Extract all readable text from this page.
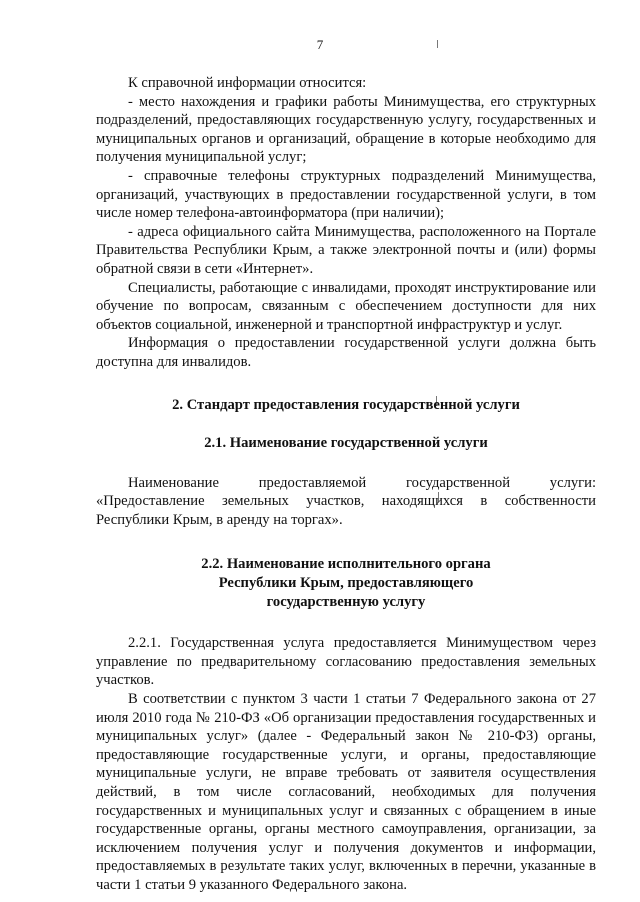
7

К справочной информации относится:

- место нахождения и графики работы Минимущества, его структурных подразделений, предоставляющих государственную услугу, государственных и муниципальных органов и организаций, обращение в которые необходимо для получения муниципальной услуг;

- справочные телефоны структурных подразделений Минимущества, организаций, участвующих в предоставлении государственной услуги, в том числе номер телефона-автоинформатора (при наличии);

- адреса официального сайта Минимущества, расположенного на Портале Правительства Республики Крым, а также электронной почты и (или) формы обратной связи в сети «Интернет».

Специалисты, работающие с инвалидами, проходят инструктирование или обучение по вопросам, связанным с обеспечением доступности для них объектов социальной, инженерной и транспортной инфраструктур и услуг.

Информация о предоставлении государственной услуги должна быть доступна для инвалидов.

2. Стандарт предоставления государственной услуги

2.1. Наименование государственной услуги

Наименование предоставляемой государственной услуги: «Предоставление земельных участков, находящихся в собственности Республики Крым, в аренду на торгах».

2.2. Наименование исполнительного органа

Республики Крым, предоставляющего

государственную услугу

2.2.1. Государственная услуга предоставляется Минимуществом через управление по предварительному согласованию предоставления земельных участков.

В соответствии с пунктом 3 части 1 статьи 7 Федерального закона от 27 июля 2010 года № 210-ФЗ «Об организации предоставления государственных и муниципальных услуг» (далее - Федеральный закон № 210-ФЗ) органы, предоставляющие государственные услуги, и органы, предоставляющие муниципальные услуги, не вправе требовать от заявителя осуществления действий, в том числе согласований, необходимых для получения государственных и муниципальных услуг и связанных с обращением в иные государственные органы, органы местного самоуправления, организации, за исключением получения услуг и получения документов и информации, предоставляемых в результате таких услуг, включенных в перечни, указанные в части 1 статьи 9 указанного Федерального закона.
